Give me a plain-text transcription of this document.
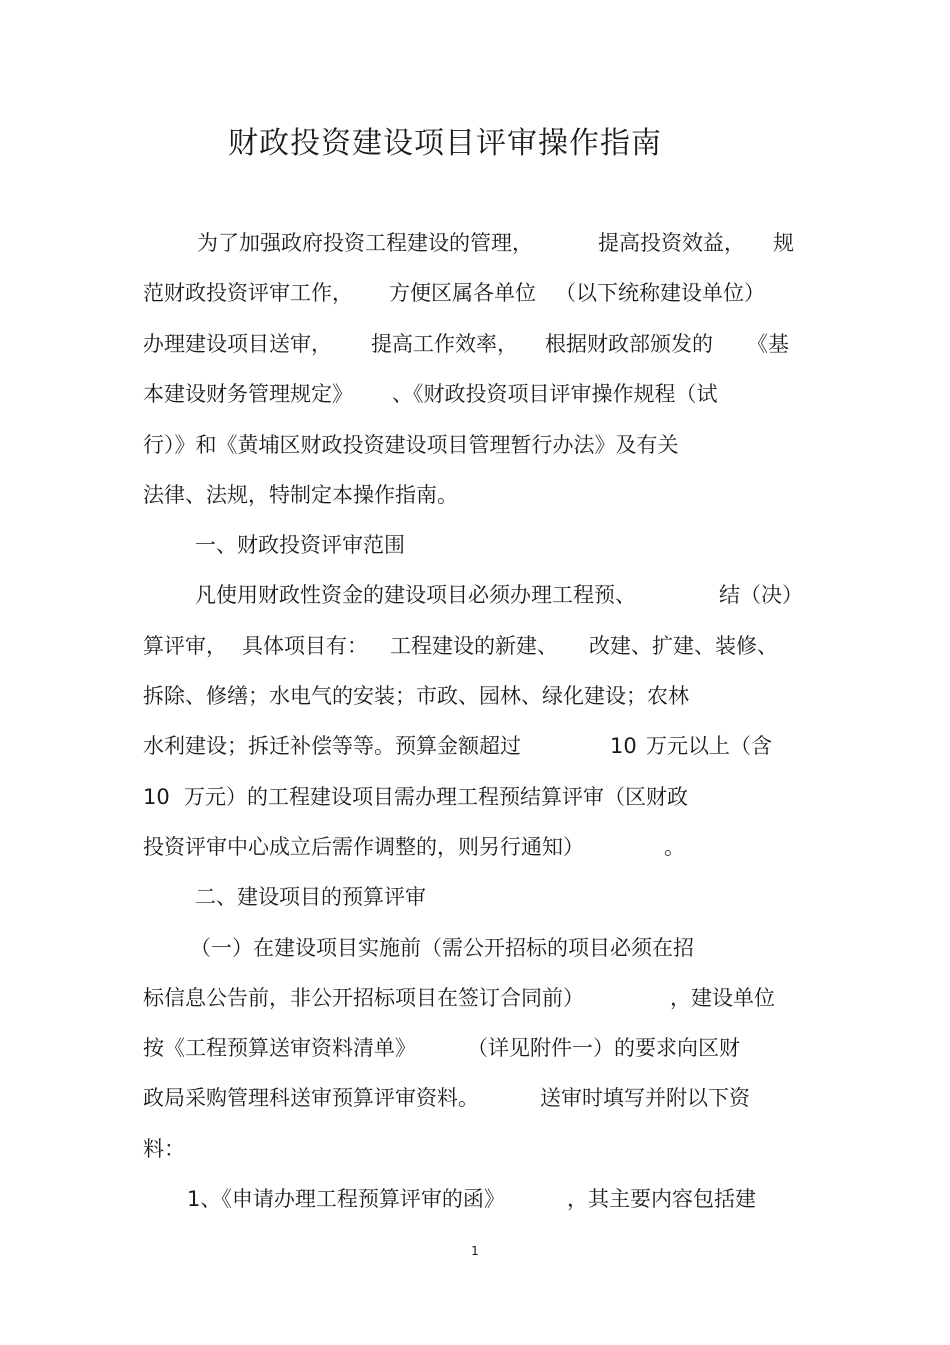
财政投资建设项目评审操作指南

为了加强政府投资工程建设的管理，	提高投资效益， 规

范财政投资评审工作， 方便区属各单位 （以下统称建设单位）

办理建设项目送审， 提高工作效率， 根据财政部颁发的 《基

本建设财务管理规定》 、《财政投资项目评审操作规程（试

行）》和《黄埔区财政投资建设项目管理暂行办法》及有关

法律、法规，特制定本操作指南。

一、财政投资评审范围

凡使用财政性资金的建设项目必须办理工程预、	结（决）

算评审， 具体项目有： 工程建设的新建、 改建、扩建、装修、

拆除、修缮；水电气的安装；市政、园林、绿化建设；农林

水利建设；拆迁补偿等等。预算金额超过	10 万元以上（含

10 万元）的工程建设项目需办理工程预结算评审（区财政

投资评审中心成立后需作调整的，则另行通知）	。

二、建设项目的预算评审

（一）在建设项目实施前（需公开招标的项目必须在招

标信息公告前，非公开招标项目在签订合同前）	，建设单位

按《工程预算送审资料清单》 （详见附件一）的要求向区财

政局采购管理科送审预算评审资料。	送审时填写并附以下资

料：

1、《申请办理工程预算评审的函》	，其主要内容包括建

1
